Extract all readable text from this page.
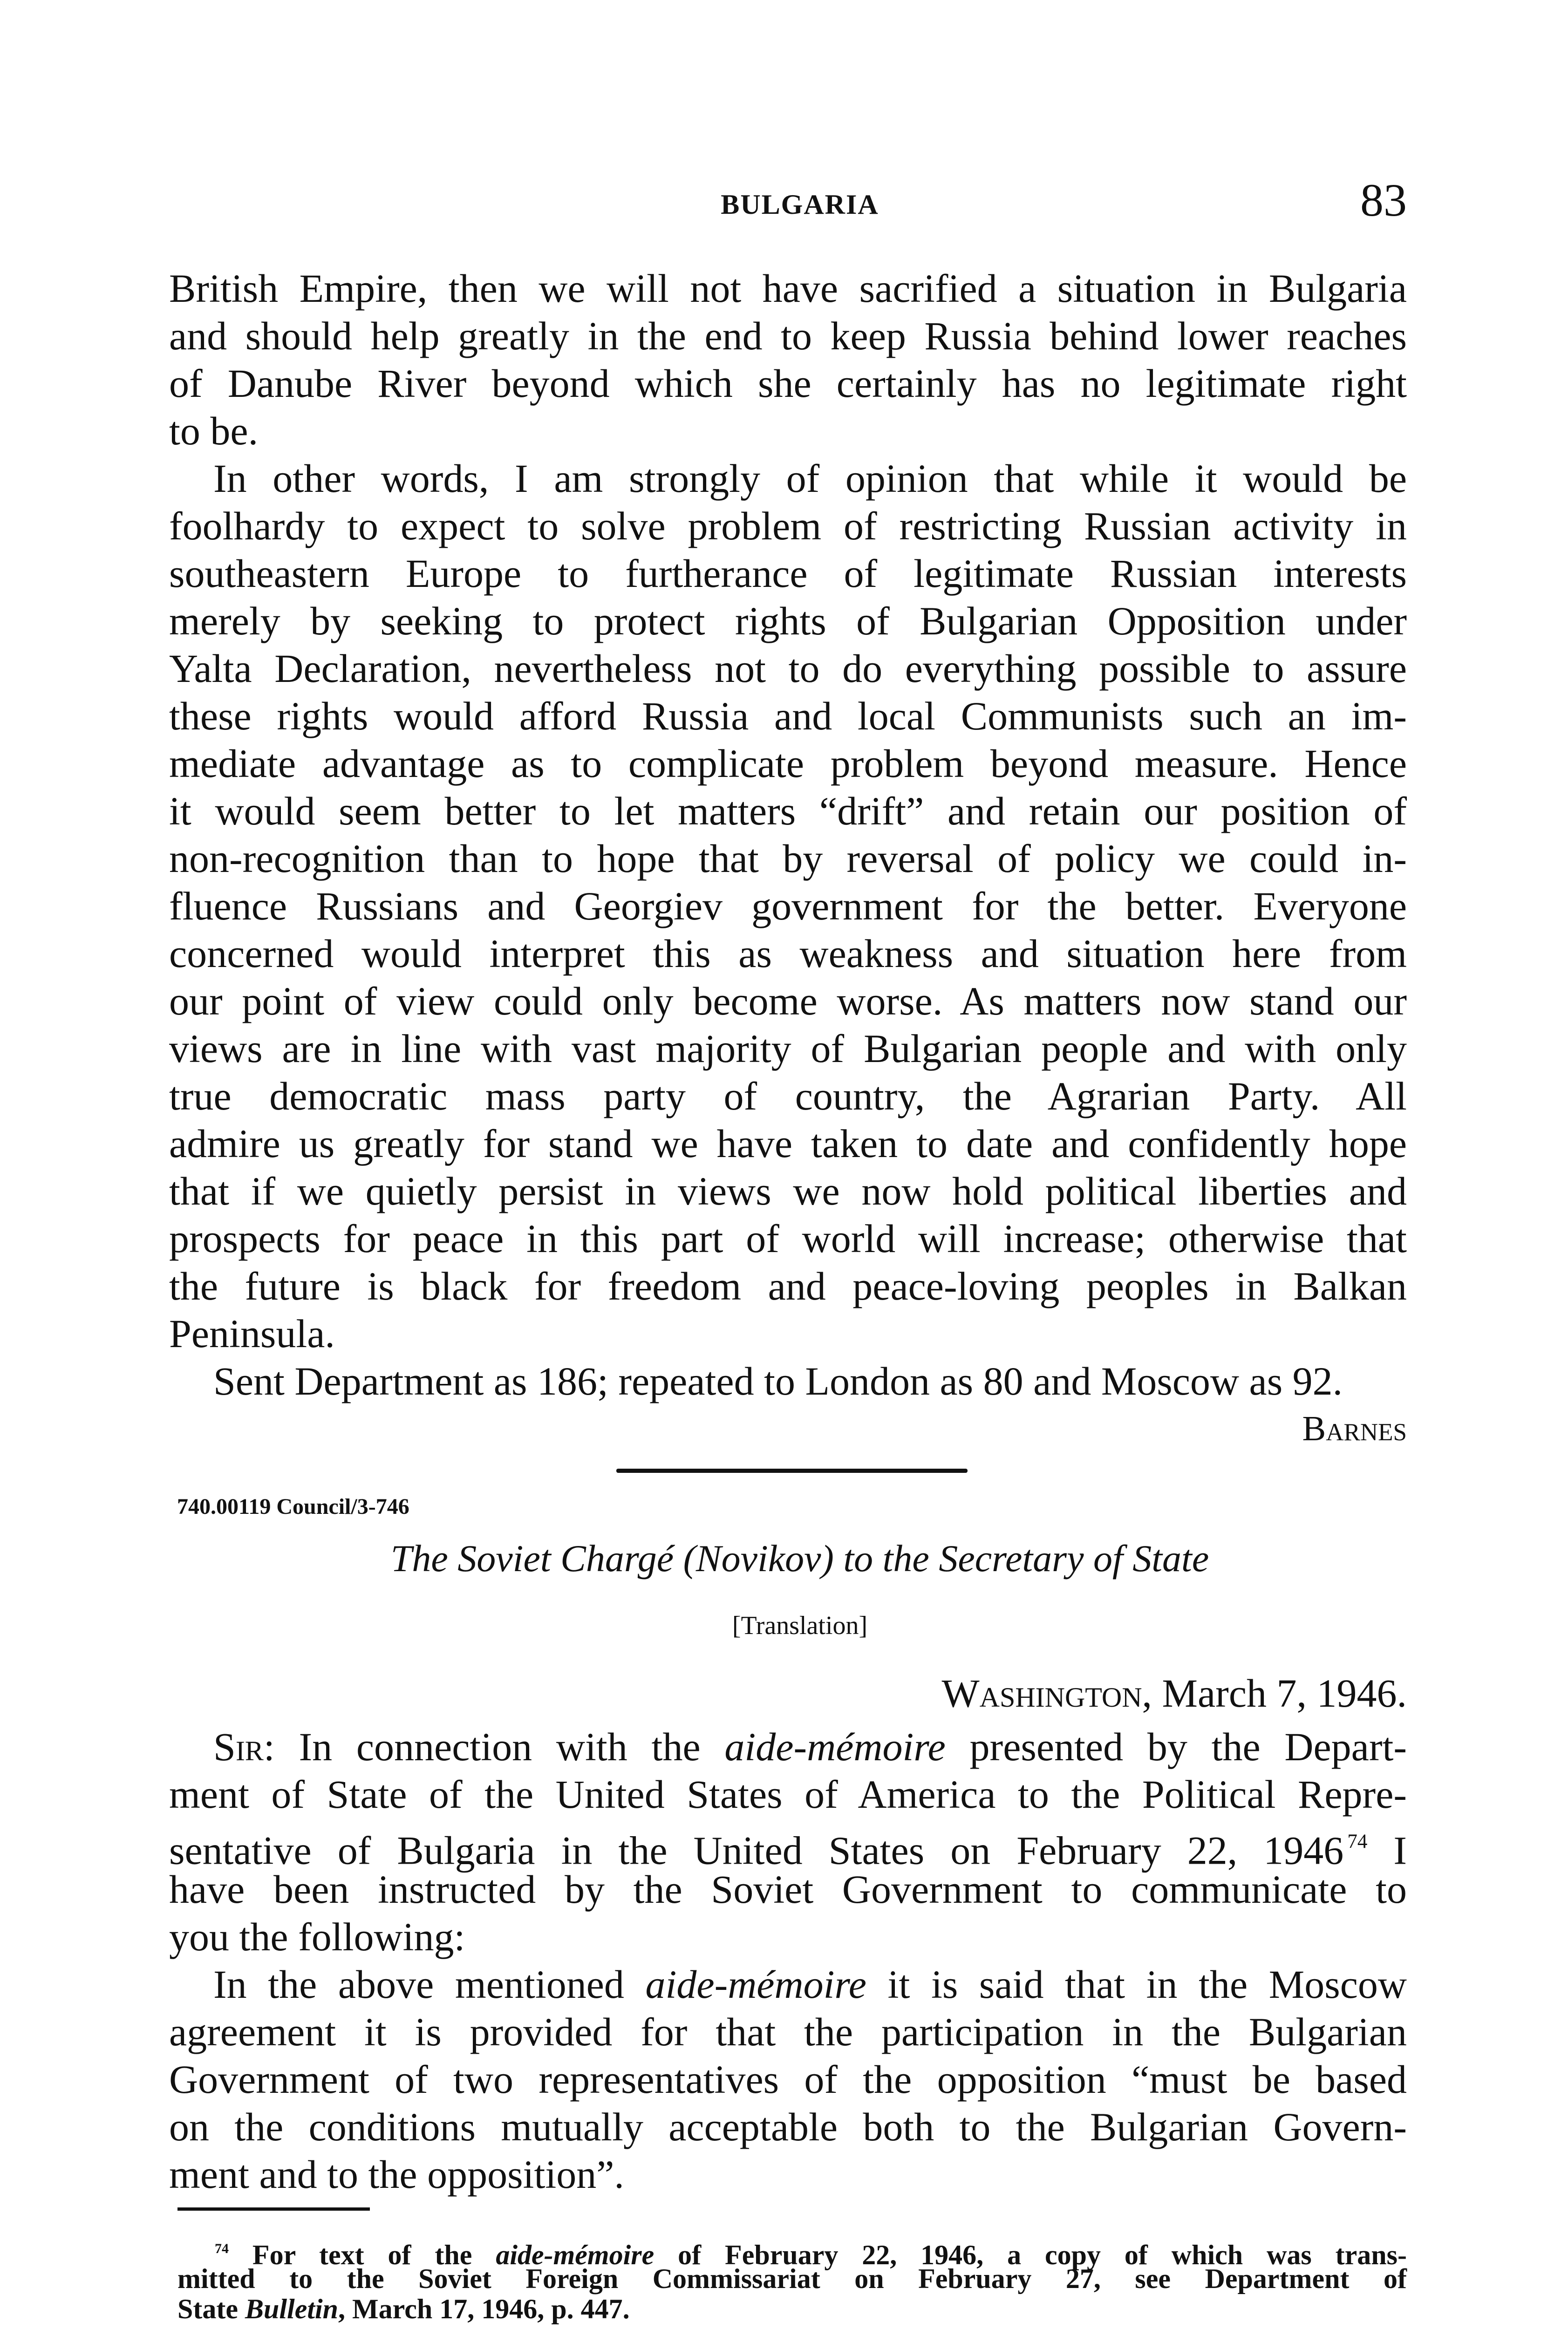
BULGARIA	83
British Empire, then we will not have sacrified a situation in Bulgaria
and should help greatly in the end to keep Russia behind lower reaches
of Danube River beyond which she certainly has no legitimate right
to be.
In other words, I am strongly of opinion that while it would be
foolhardy to expect to solve problem of restricting Russian activity in
southeastern Europe to furtherance of legitimate Russian interests
merely by seeking to protect rights of Bulgarian Opposition under
Yalta Declaration, nevertheless not to do everything possible to assure
these rights would afford Russia and local Communists such an im-
mediate advantage as to complicate problem beyond measure. Hence
it would seem better to let matters “drift” and retain our position of
non-recognition than to hope that by reversal of policy we could in-
fluence Russians and Georgiev government for the better. Everyone
concerned would interpret this as weakness and situation here from
our point of view could only become worse. As matters now stand our
views are in line with vast majority of Bulgarian people and with only
true democratic mass party of country, the Agrarian Party. All
admire us greatly for stand we have taken to date and confidently hope
that if we quietly persist in views we now hold political liberties and
prospects for peace in this part of world will increase; otherwise that
the future is black for freedom and peace-loving peoples in Balkan
Peninsula.
Sent Department as 186; repeated to London as 80 and Moscow as 92.
Barnes
740.00119 Council/3-746
The Soviet Chargé (Novikov) to the Secretary of State
[Translation]
Washington, March 7, 1946.
Sir: In connection with the aide-mémoire presented by the Depart-
ment of State of the United States of America to the Political Repre-
sentative of Bulgaria in the United States on February 22, 1946 $^{74}$ I
have been instructed by the Soviet Government to communicate to
you the following:
In the above mentioned aide-mémoire it is said that in the Moscow
agreement it is provided for that the participation in the Bulgarian
Government of two representatives of the opposition “must be based
on the conditions mutually acceptable both to the Bulgarian Govern-
ment and to the opposition”.
$^{74}$ For text of the aide-mémoire of February 22, 1946, a copy of which was trans-
mitted to the Soviet Foreign Commissariat on February 27, see Department of
State Bulletin, March 17, 1946, p. 447.
